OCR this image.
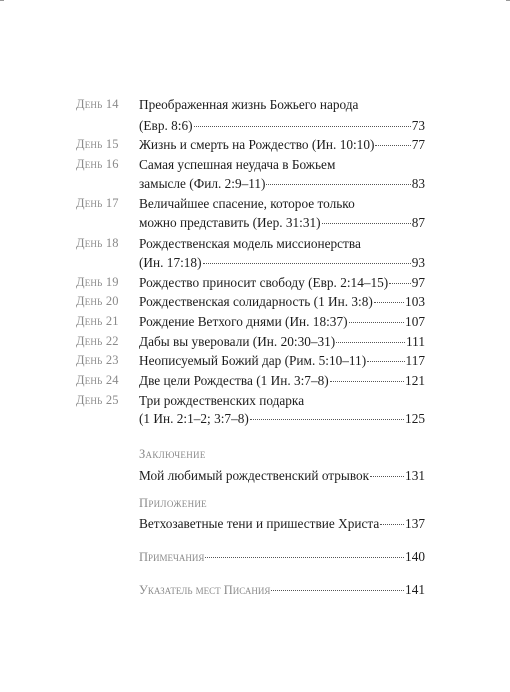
День 14	Преображенная жизнь Божьего народа
(Евр. 8:6)	73
День 15	Жизнь и смерть на Рождество (Ин. 10:10)	77
День 16	Самая успешная неудача в Божьем
замысле (Фил. 2:9–11)	83
День 17	Величайшее спасение, которое только
можно представить (Иер. 31:31)	87
День 18	Рождественская модель миссионерства
(Ин. 17:18)	93
День 19	Рождество приносит свободу (Евр. 2:14–15) 97
День 20	Рождественская солидарность (1 Ин. 3:8) 103
День 21	Рождение Ветхого днями (Ин. 18:37)	107
День 22	Дабы вы уверовали (Ин. 20:30–31)	111
День 23	Неописуемый Божий дар (Рим. 5:10–11)	117
День 24	Две цели Рождества (1 Ин. 3:7–8)	121
День 25	Три рождественских подарка
(1 Ин. 2:1–2; 3:7–8)	125
Заключение
Мой любимый рождественский отрывок	131
Приложение
Ветхозаветные тени и пришествие Христа 137
Примечания	140
Указатель мест Писания	141
